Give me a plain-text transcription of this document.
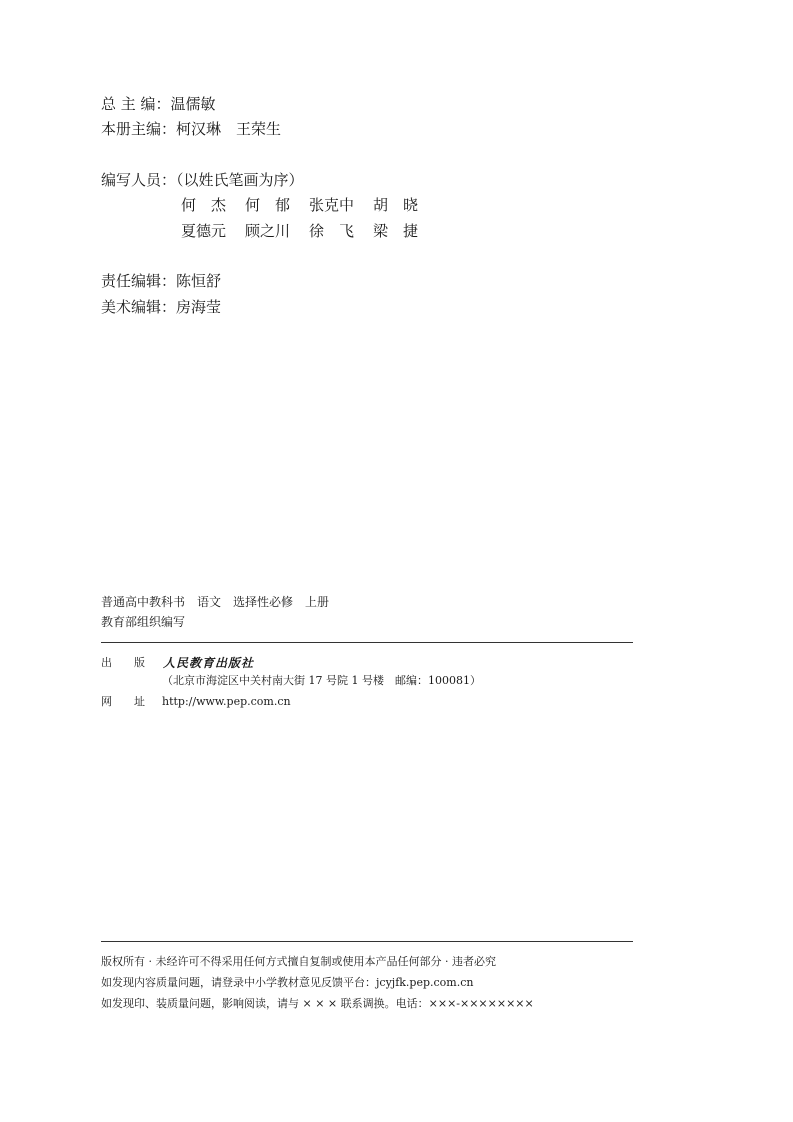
总 主 编：温儒敏
本册主编：柯汉琳　王荣生
编写人员：（以姓氏笔画为序）
何　杰	何　郁	张克中	胡　晓
夏德元	顾之川	徐　飞	梁　捷
责任编辑：陈恒舒
美术编辑：房海莹
普通高中教科书　语文　选择性必修　上册
教育部组织编写
出　　版 人民教育出版社
（北京市海淀区中关村南大街 17 号院 1 号楼　邮编：100081）
网　　址 http://www.pep.com.cn
版权所有 · 未经许可不得采用任何方式擅自复制或使用本产品任何部分 · 违者必究
如发现内容质量问题，请登录中小学教材意见反馈平台：jcyjfk.pep.com.cn
如发现印、装质量问题，影响阅读，请与 × × × 联系调换。电话：×××-××××××××
